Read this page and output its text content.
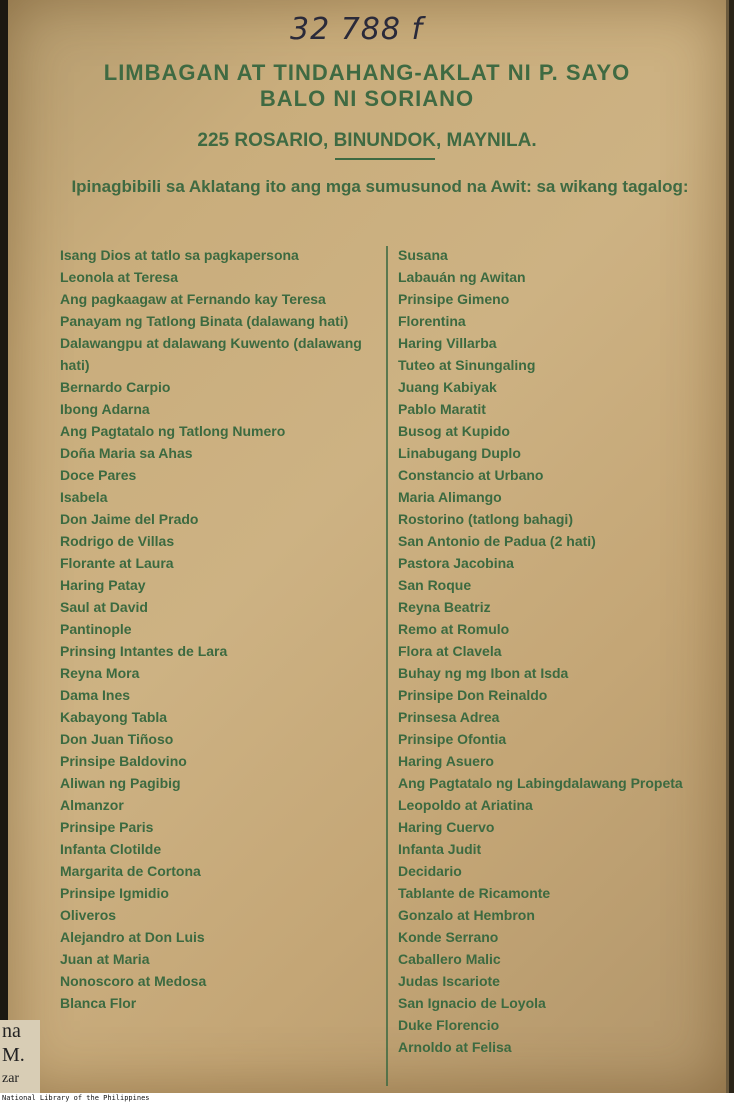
32 788 f
LIMBAGAN AT TINDAHANG-AKLAT NI P. SAYO
BALO NI SORIANO
225 ROSARIO, BINUNDOK, MAYNILA.
Ipinagbibili sa Aklatang ito ang mga sumusunod na Awit: sa wikang tagalog:
Isang Dios at tatlo sa pagkapersona
Leonola at Teresa
Ang pagkaagaw at Fernando kay Teresa
Panayam ng Tatlong Binata (dalawang hati)
Dalawangpu at dalawang Kuwento (dalawang hati)
Bernardo Carpio
Ibong Adarna
Ang Pagtatalo ng Tatlong Numero
Doña Maria sa Ahas
Doce Pares
Isabela
Don Jaime del Prado
Rodrigo de Villas
Florante at Laura
Haring Patay
Saul at David
Pantinople
Prinsing Intantes de Lara
Reyna Mora
Dama Ines
Kabayong Tabla
Don Juan Tiñoso
Prinsipe Baldovino
Aliwan ng Pagibig
Almanzor
Prinsipe Paris
Infanta Clotilde
Margarita de Cortona
Prinsipe Igmidio
Oliveros
Alejandro at Don Luis
Juan at Maria
Nonoscoro at Medosa
Blanca Flor
Susana
Labauán ng Awitan
Prinsipe Gimeno
Florentina
Haring Villarba
Tuteo at Sinungaling
Juang Kabiyak
Pablo Maratit
Busog at Kupido
Linabugang Duplo
Constancio at Urbano
Maria Alimango
Rostorino (tatlong bahagi)
San Antonio de Padua (2 hati)
Pastora Jacobina
San Roque
Reyna Beatriz
Remo at Romulo
Flora at Clavela
Buhay ng mg Ibon at Isda
Prinsipe Don Reinaldo
Prinsesa Adrea
Prinsipe Ofontia
Haring Asuero
Ang Pagtatalo ng Labingdalawang Propeta
Leopoldo at Ariatina
Haring Cuervo
Infanta Judit
Decidario
Tablante de Ricamonte
Gonzalo at Hembron
Konde Serrano
Caballero Malic
Judas Iscariote
San Ignacio de Loyola
Duke Florencio
Arnoldo at Felisa
na
M.
zar
National Library of the Philippines
